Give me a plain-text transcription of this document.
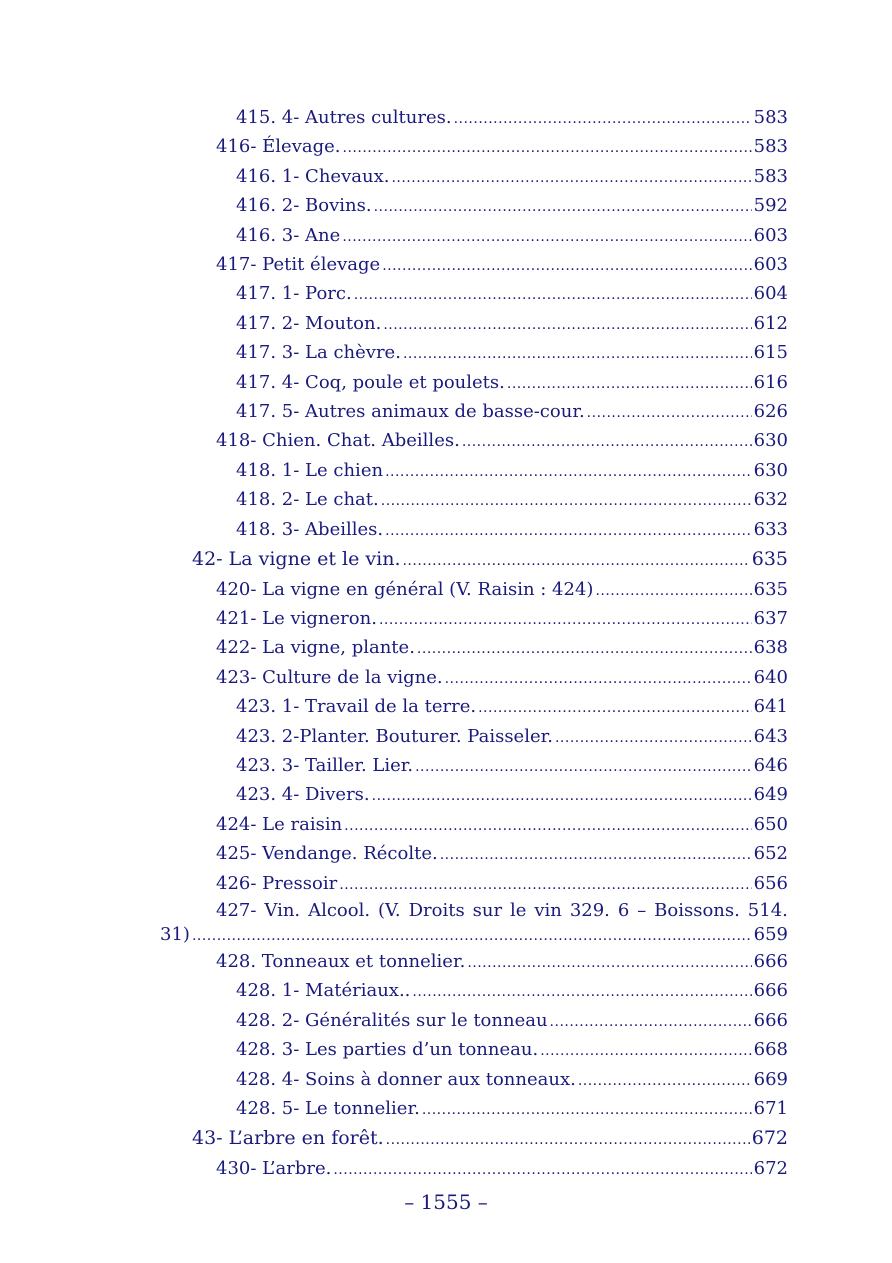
415. 4- Autres cultures. .....	583
416- Élevage. .....	583
416. 1- Chevaux. .....	583
416. 2- Bovins. .....	592
416. 3- Ane .....	603
417- Petit élevage .....	603
417. 1- Porc. .....	604
417. 2- Mouton. .....	612
417. 3- La chèvre. .....	615
417. 4- Coq, poule et poulets. .....	616
417. 5- Autres animaux de basse-cour. .....	626
418- Chien. Chat. Abeilles. .....	630
418. 1- Le chien .....	630
418. 2- Le chat. .....	632
418. 3- Abeilles. .....	633
42- La vigne et le vin. .....	635
420- La vigne en général (V. Raisin : 424) .....	635
421- Le vigneron. .....	637
422- La vigne, plante. .....	638
423- Culture de la vigne. .....	640
423. 1- Travail de la terre. .....	641
423. 2-Planter. Bouturer. Paisseler. .....	643
423. 3- Tailler. Lier. .....	646
423. 4- Divers. .....	649
424- Le raisin .....	650
425- Vendange. Récolte. .....	652
426- Pressoir .....	656
427- Vin. Alcool. (V. Droits sur le vin 329. 6 – Boissons. 514.
31) .....	659
428. Tonneaux et tonnelier. .....	666
428. 1- Matériaux.. .....	666
428. 2- Généralités sur le tonneau .....	666
428. 3- Les parties d’un tonneau. .....	668
428. 4- Soins à donner aux tonneaux. .....	669
428. 5- Le tonnelier. .....	671
43- L’arbre en forêt. .....	672
430- L’arbre. .....	672
– 1555 –
